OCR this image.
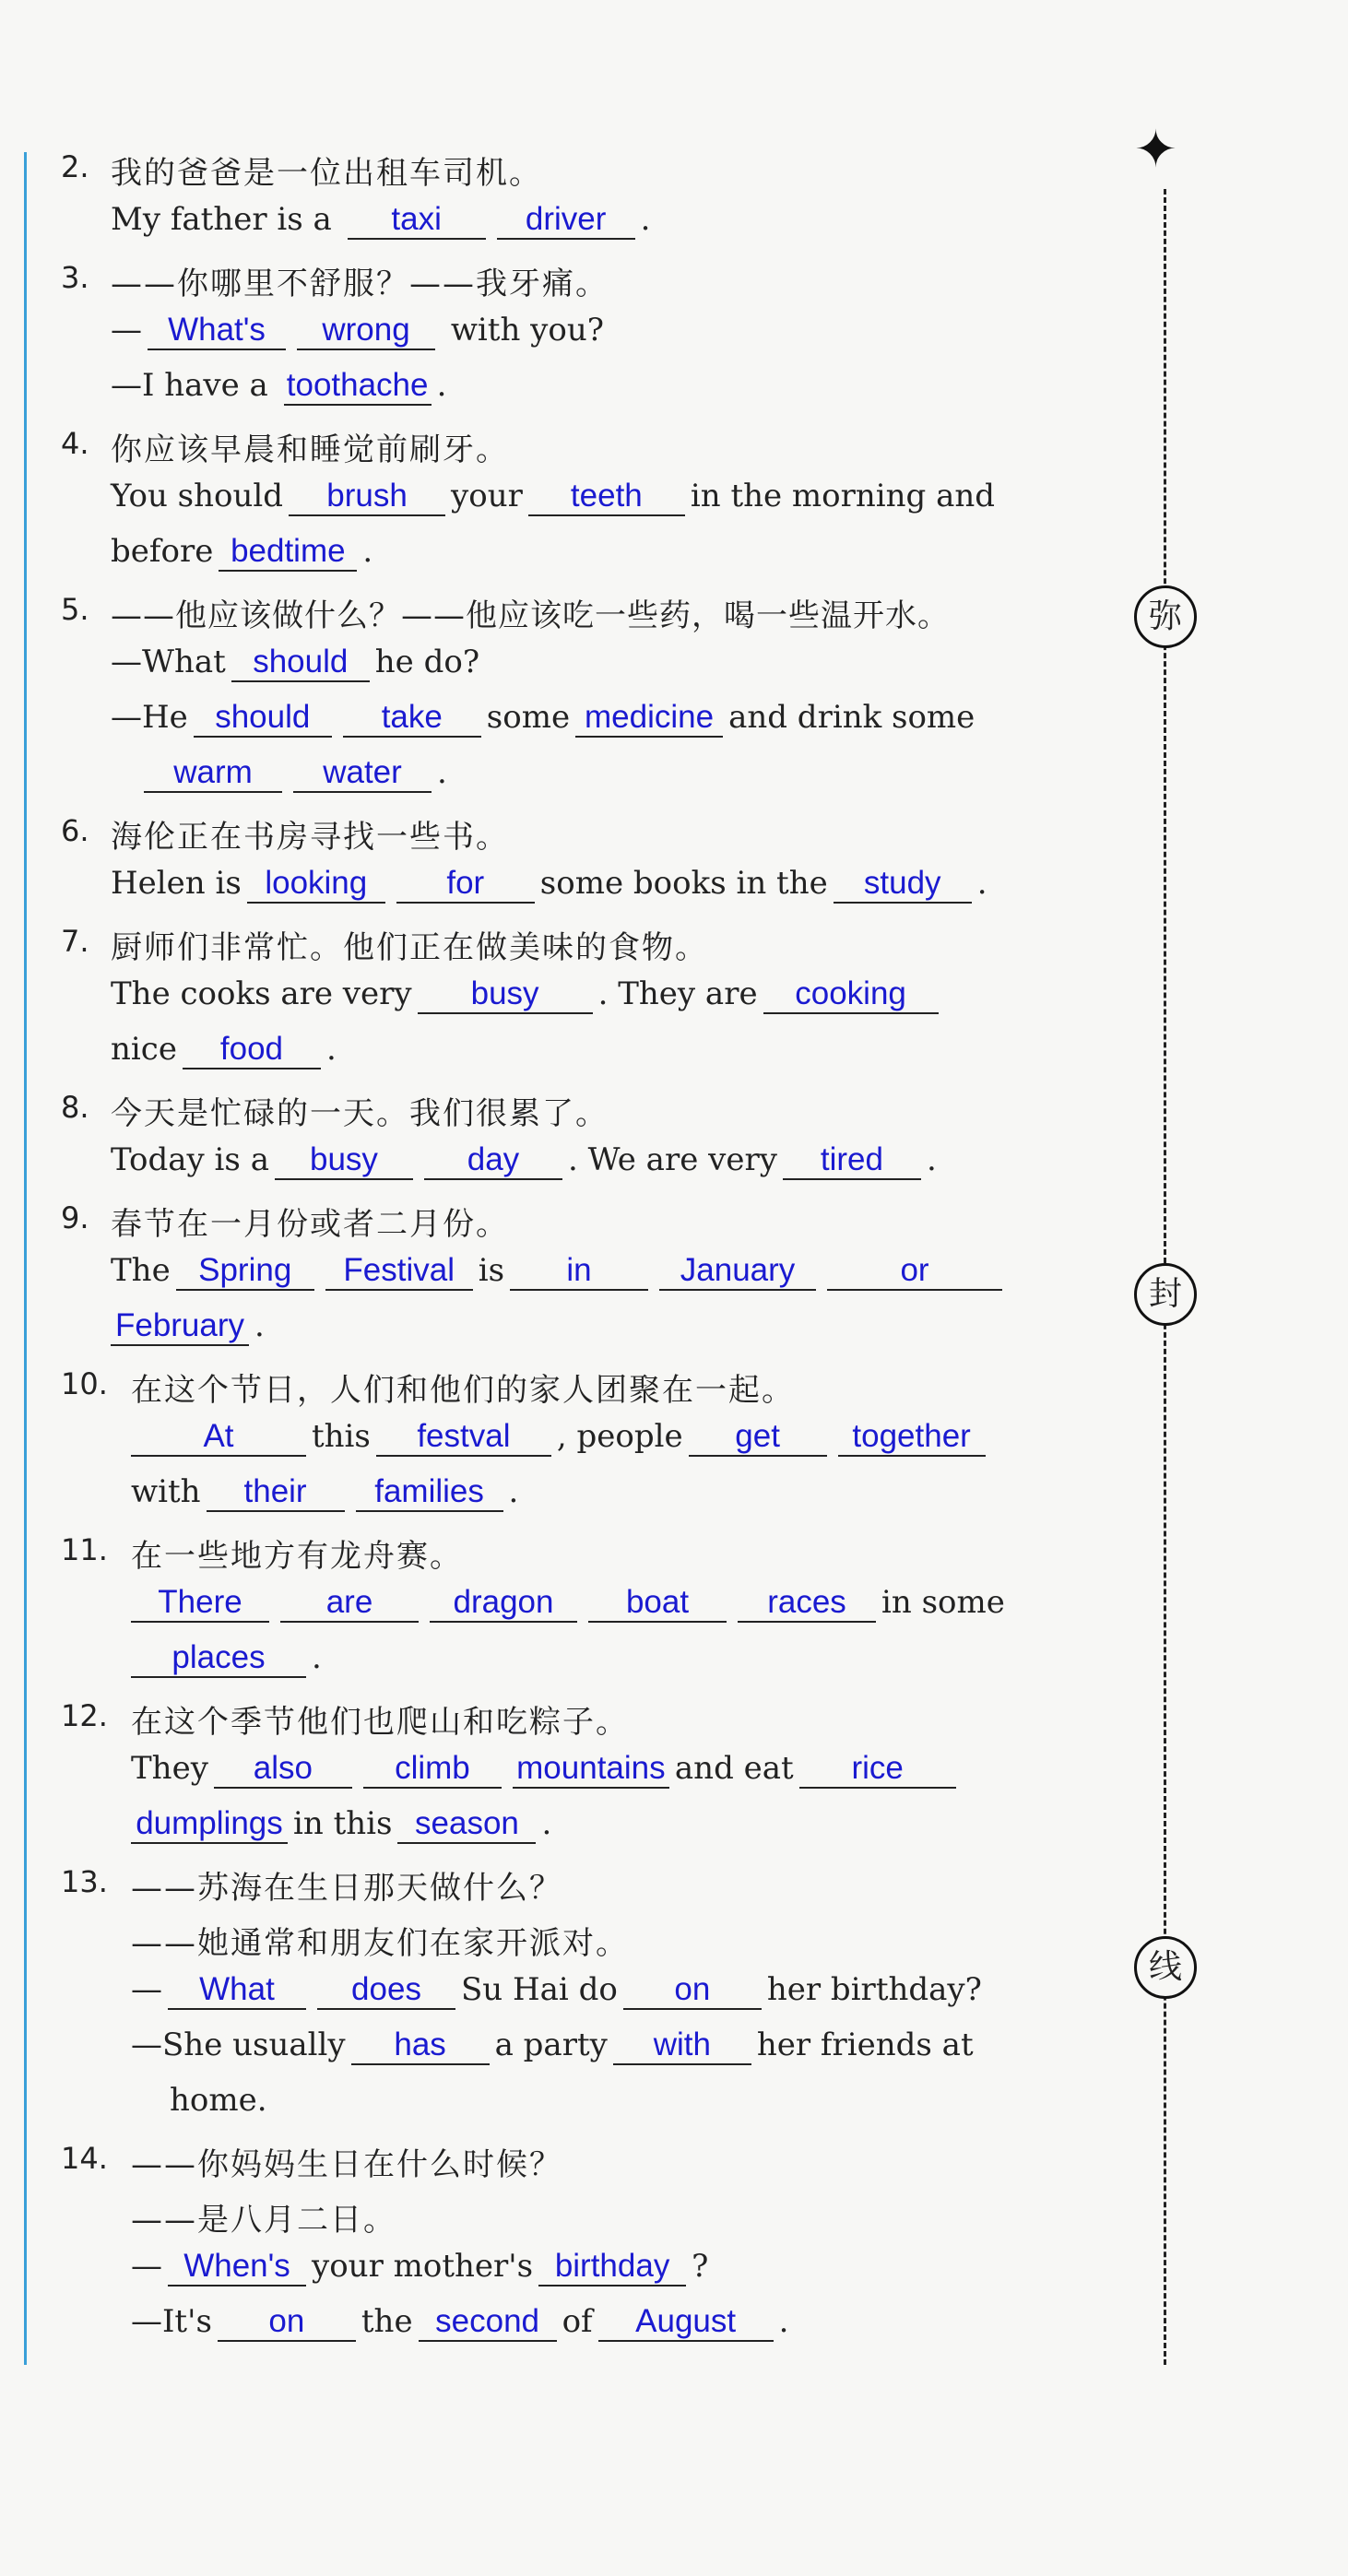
✦
弥
封
线
2. 我的爸爸是一位出租车司机。
My father is a taxi	driver .
3. ——你哪里不舒服？——我牙痛。
— What's wrong with you?
—I have a toothache .
4. 你应该早晨和睡觉前刷牙。
You should brush your teeth in the morning and
before bedtime .
5. ——他应该做什么？——他应该吃一些药，喝一些温开水。
—What should he do?
—He should take some medicine and drink some
warm water .
6. 海伦正在书房寻找一些书。
Helen is looking for some books in the study .
7. 厨师们非常忙。他们正在做美味的食物。
The cooks are very busy . They are cooking
nice food .
8. 今天是忙碌的一天。我们很累了。
Today is a busy	day . We are very tired .
9. 春节在一月份或者二月份。
The Spring Festival is in	January	or
February .
10. 在这个节日，人们和他们的家人团聚在一起。
At this festval , people get together
with their families .
11. 在一些地方有龙舟赛。
There	are dragon boat races in some
places .
12. 在这个季节他们也爬山和吃粽子。
They also	climb mountains and eat rice
dumplings in this season .
13. ——苏海在生日那天做什么？
——她通常和朋友们在家开派对。
— What does Su Hai do on her birthday?
—She usually has a party with her friends at
home.
14. ——你妈妈生日在什么时候？
——是八月二日。
— When's your mother's birthday ?
—It's on the second of August .
